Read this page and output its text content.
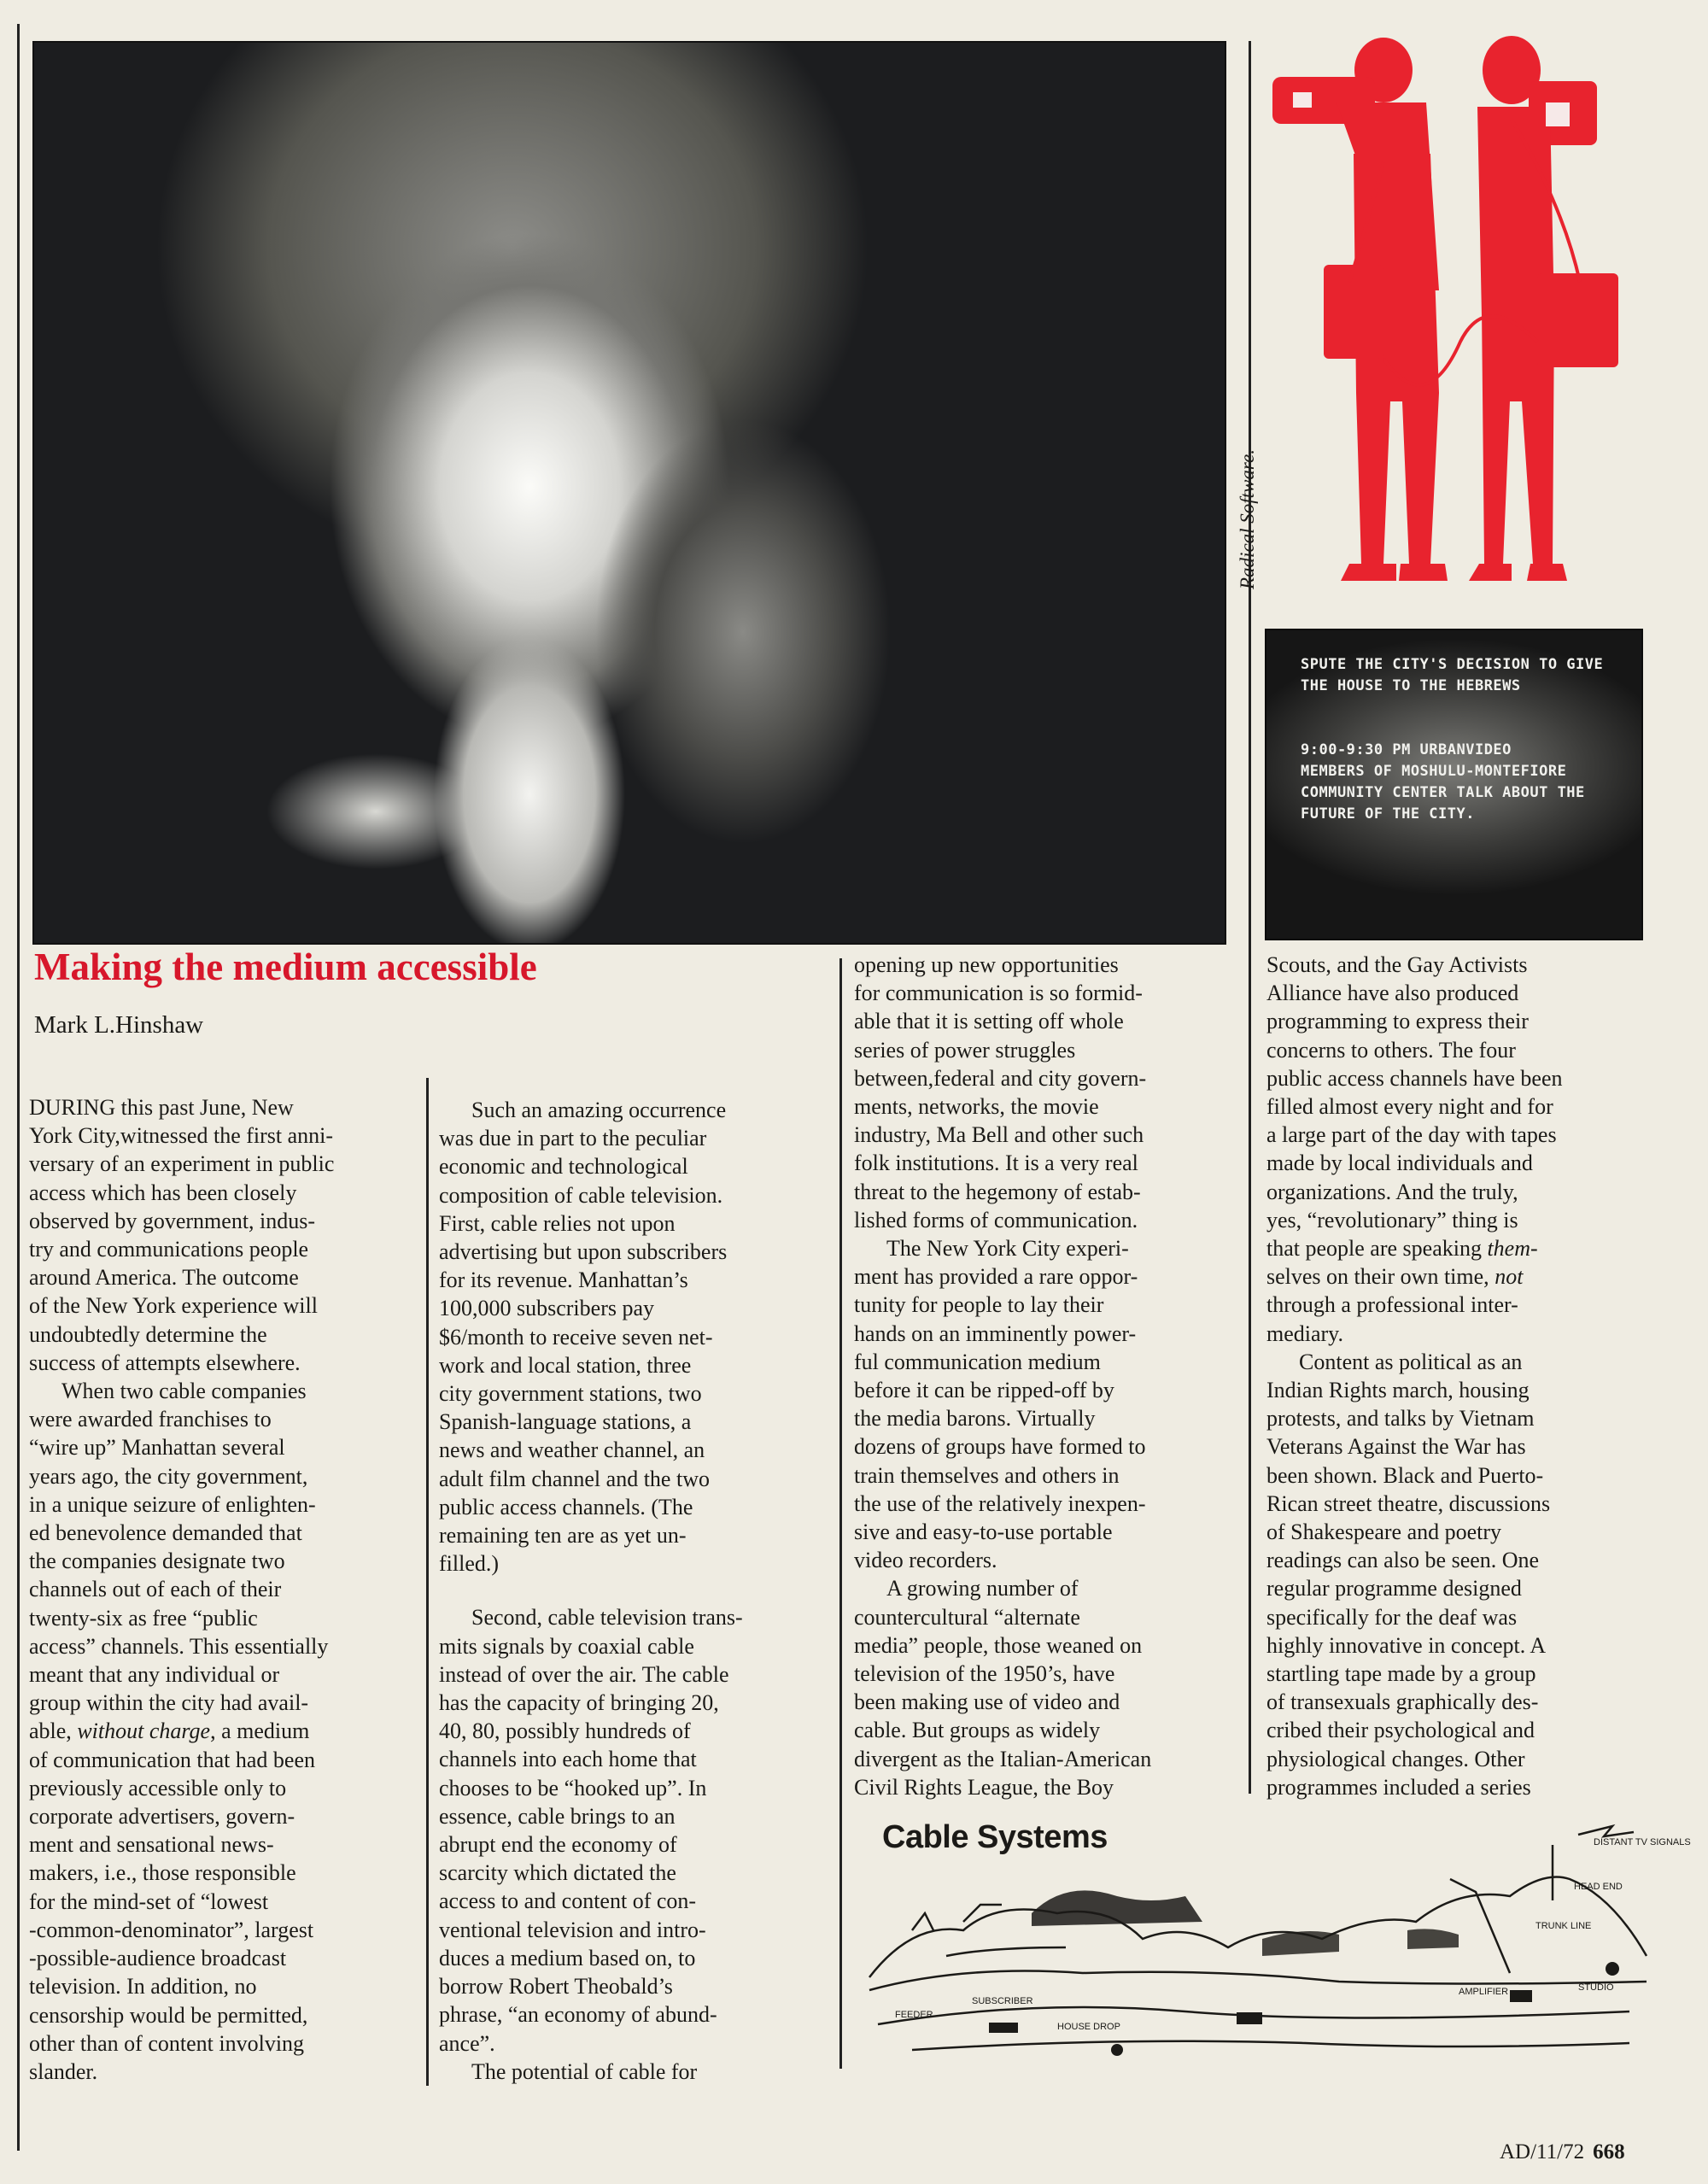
Radical Software.
SPUTE THE CITY'S DECISION TO GIVE
THE HOUSE TO THE HEBREWS
9:00-9:30 PM URBANVIDEO
MEMBERS OF MOSHULU-MONTEFIORE
COMMUNITY CENTER TALK ABOUT THE
FUTURE OF THE CITY.
Making the medium accessible
Mark L.Hinshaw

DURING this past June, New

York City,witnessed the first anni-

versary of an experiment in public

access which has been closely

observed by government, indus-

try and communications people

around America. The outcome

of the New York experience will

undoubtedly determine the

success of attempts elsewhere.

When two cable companies

were awarded franchises to

“wire up” Manhattan several

years ago, the city government,

in a unique seizure of enlighten-

ed benevolence demanded that

the companies designate two

channels out of each of their

twenty-six as free “public

access” channels. This essentially

meant that any individual or

group within the city had avail-

able, without charge, a medium

of communication that had been

previously accessible only to

corporate advertisers, govern-

ment and sensational news-

makers, i.e., those responsible

for the mind-set of “lowest

-common-denominator”, largest

-possible-audience broadcast

television. In addition, no

censorship would be permitted,

other than of content involving

slander.

Such an amazing occurrence

was due in part to the peculiar

economic and technological

composition of cable television.

First, cable relies not upon

advertising but upon subscribers

for its revenue. Manhattan’s

100,000 subscribers pay

$6/month to receive seven net-

work and local station, three

city government stations, two

Spanish-language stations, a

news and weather channel, an

adult film channel and the two

public access channels. (The

remaining ten are as yet un-

filled.)

Second, cable television trans-

mits signals by coaxial cable

instead of over the air. The cable

has the capacity of bringing 20,

40, 80, possibly hundreds of

channels into each home that

chooses to be “hooked up”. In

essence, cable brings to an

abrupt end the economy of

scarcity which dictated the

access to and content of con-

ventional television and intro-

duces a medium based on, to

borrow Robert Theobald’s

phrase, “an economy of abund-

ance”.

The potential of cable for

opening up new opportunities

for communication is so formid-

able that it is setting off whole

series of power struggles

between,federal and city govern-

ments, networks, the movie

industry, Ma Bell and other such

folk institutions. It is a very real

threat to the hegemony of estab-

lished forms of communication.

The New York City experi-

ment has provided a rare oppor-

tunity for people to lay their

hands on an imminently power-

ful communication medium

before it can be ripped-off by

the media barons. Virtually

dozens of groups have formed to

train themselves and others in

the use of the relatively inexpen-

sive and easy-to-use portable

video recorders.

A growing number of

countercultural “alternate

media” people, those weaned on

television of the 1950’s, have

been making use of video and

cable. But groups as widely

divergent as the Italian-American

Civil Rights League, the Boy

Scouts, and the Gay Activists

Alliance have also produced

programming to express their

concerns to others. The four

public access channels have been

filled almost every night and for

a large part of the day with tapes

made by local individuals and

organizations. And the truly,

yes, “revolutionary” thing is

that people are speaking them-

selves on their own time, not

through a professional inter-

mediary.

Content as political as an

Indian Rights march, housing

protests, and talks by Vietnam

Veterans Against the War has

been shown. Black and Puerto-

Rican street theatre, discussions

of Shakespeare and poetry

readings can also be seen. One

regular programme designed

specifically for the deaf was

highly innovative in concept. A

startling tape made by a group

of transexuals graphically des-

cribed their psychological and

physiological changes. Other

programmes included a series

DISTANT TV SIGNALS
HEAD END
TRUNK LINE
AMPLIFIER	STUDIO
FEEDER
SUBSCRIBER
HOUSE DROP
Cable Systems
AD/11/72 668
